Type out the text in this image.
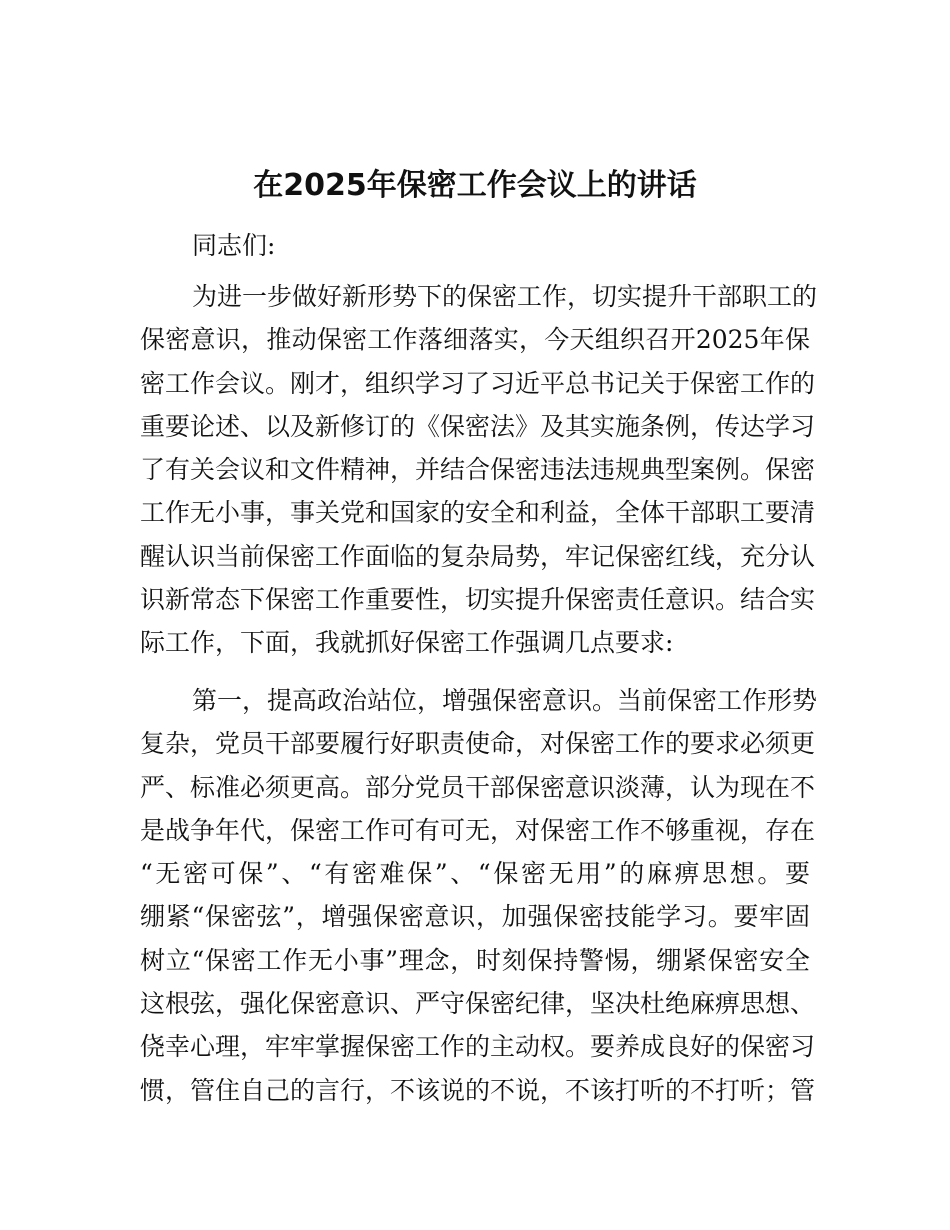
在2025年保密工作会议上的讲话
同志们:
为进一步做好新形势下的保密工作，切实提升干部职工的
保密意识，推动保密工作落细落实，今天组织召开2025年保
密工作会议。刚才，组织学习了习近平总书记关于保密工作的
重要论述、以及新修订的《保密法》及其实施条例，传达学习
了有关会议和文件精神，并结合保密违法违规典型案例。保密
工作无小事，事关党和国家的安全和利益，全体干部职工要清
醒认识当前保密工作面临的复杂局势，牢记保密红线，充分认
识新常态下保密工作重要性，切实提升保密责任意识。结合实
际工作，下面，我就抓好保密工作强调几点要求:
第一，提高政治站位，增强保密意识。当前保密工作形势
复杂，党员干部要履行好职责使命，对保密工作的要求必须更
严、标准必须更高。部分党员干部保密意识淡薄，认为现在不
是战争年代，保密工作可有可无，对保密工作不够重视，存在
“无密可保”、“有密难保”、“保密无用”的麻痹思想。要
绷紧“保密弦”，增强保密意识，加强保密技能学习。要牢固
树立“保密工作无小事”理念，时刻保持警惕，绷紧保密安全
这根弦，强化保密意识、严守保密纪律，坚决杜绝麻痹思想、
侥幸心理，牢牢掌握保密工作的主动权。要养成良好的保密习
惯，管住自己的言行，不该说的不说，不该打听的不打听；管
